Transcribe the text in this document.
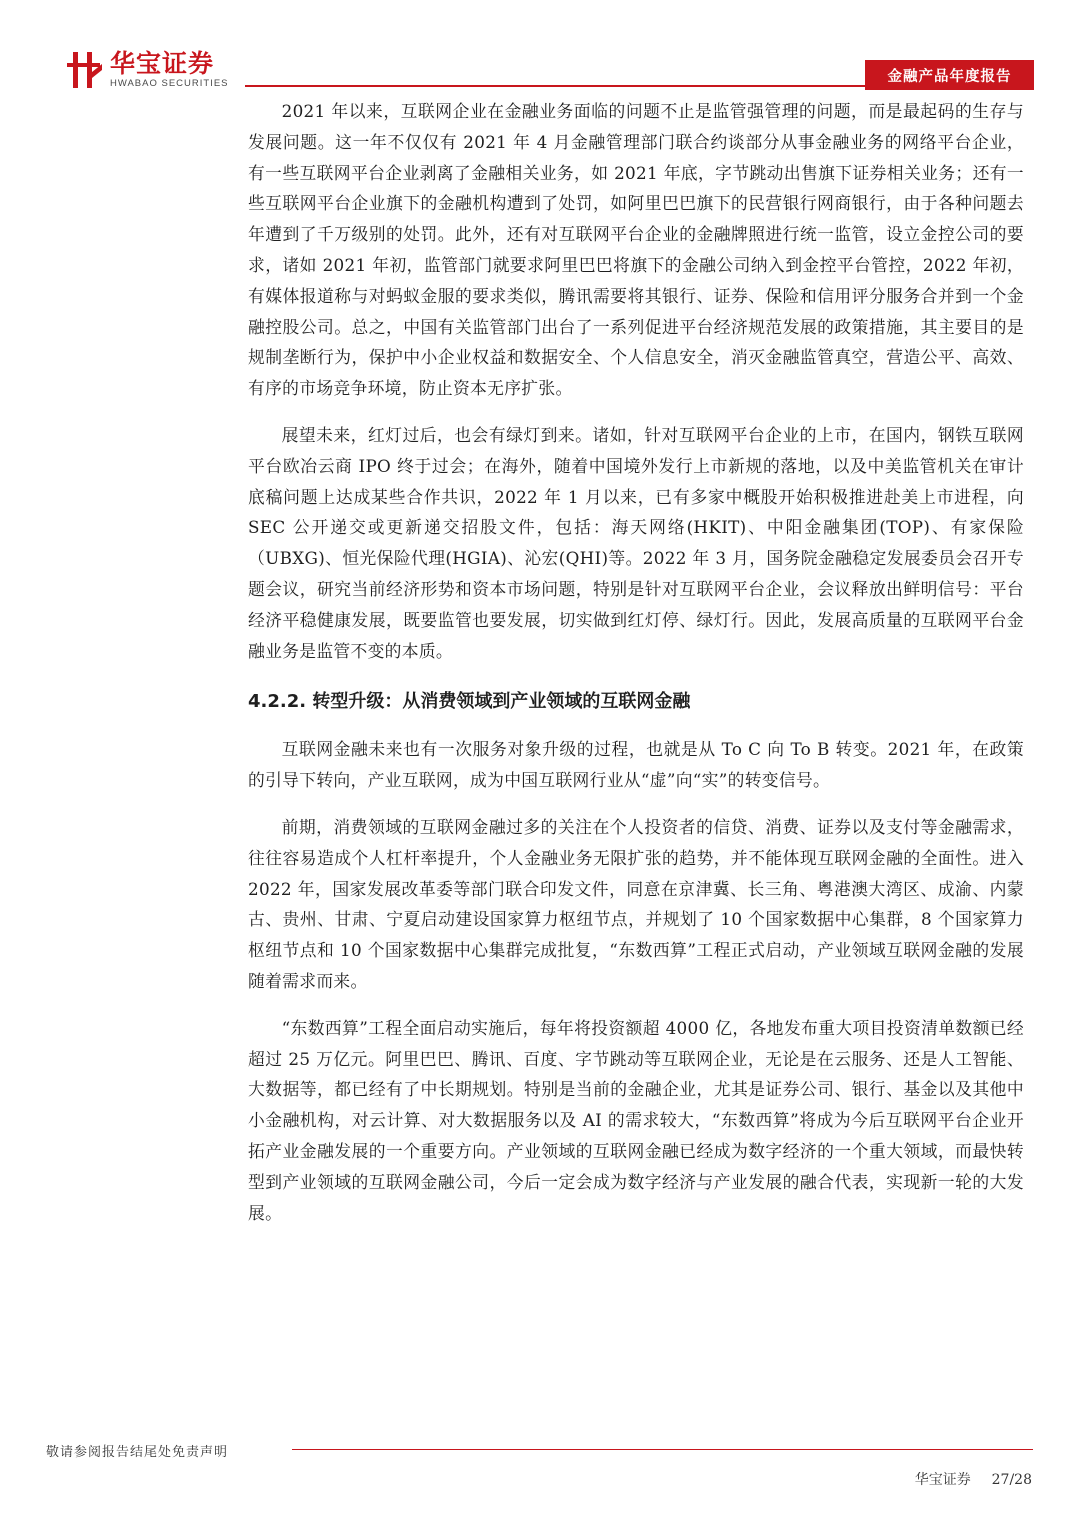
华宝证券
HWABAO SECURITIES	金融产品年度报告

2021 年以来，互联网企业在金融业务面临的问题不止是监管强管理的问题，而是最起码的生存与发展问题。这一年不仅仅有 2021 年 4 月金融管理部门联合约谈部分从事金融业务的网络平台企业，有一些互联网平台企业剥离了金融相关业务，如 2021 年底，字节跳动出售旗下证券相关业务；还有一些互联网平台企业旗下的金融机构遭到了处罚，如阿里巴巴旗下的民营银行网商银行，由于各种问题去年遭到了千万级别的处罚。此外，还有对互联网平台企业的金融牌照进行统一监管，设立金控公司的要求，诸如 2021 年初，监管部门就要求阿里巴巴将旗下的金融公司纳入到金控平台管控，2022 年初，有媒体报道称与对蚂蚁金服的要求类似，腾讯需要将其银行、证券、保险和信用评分服务合并到一个金融控股公司。总之，中国有关监管部门出台了一系列促进平台经济规范发展的政策措施，其主要目的是规制垄断行为，保护中小企业权益和数据安全、个人信息安全，消灭金融监管真空，营造公平、高效、有序的市场竞争环境，防止资本无序扩张。

展望未来，红灯过后，也会有绿灯到来。诸如，针对互联网平台企业的上市，在国内，钢铁互联网平台欧冶云商 IPO 终于过会；在海外，随着中国境外发行上市新规的落地，以及中美监管机关在审计底稿问题上达成某些合作共识，2022 年 1 月以来，已有多家中概股开始积极推进赴美上市进程，向 SEC 公开递交或更新递交招股文件，包括：海天网络(HKIT)、中阳金融集团(TOP)、有家保险（UBXG)、恒光保险代理(HGIA)、沁宏(QHI)等。2022 年 3 月，国务院金融稳定发展委员会召开专题会议，研究当前经济形势和资本市场问题，特别是针对互联网平台企业，会议释放出鲜明信号：平台经济平稳健康发展，既要监管也要发展，切实做到红灯停、绿灯行。因此，发展高质量的互联网平台金融业务是监管不变的本质。

4.2.2. 转型升级：从消费领域到产业领域的互联网金融

互联网金融未来也有一次服务对象升级的过程，也就是从 To C 向 To B 转变。2021 年，在政策的引导下转向，产业互联网，成为中国互联网行业从“虚”向“实”的转变信号。

前期，消费领域的互联网金融过多的关注在个人投资者的信贷、消费、证券以及支付等金融需求，往往容易造成个人杠杆率提升，个人金融业务无限扩张的趋势，并不能体现互联网金融的全面性。进入 2022 年，国家发展改革委等部门联合印发文件，同意在京津冀、长三角、粤港澳大湾区、成渝、内蒙古、贵州、甘肃、宁夏启动建设国家算力枢纽节点，并规划了 10 个国家数据中心集群，8 个国家算力枢纽节点和 10 个国家数据中心集群完成批复，“东数西算”工程正式启动，产业领域互联网金融的发展随着需求而来。

“东数西算”工程全面启动实施后，每年将投资额超 4000 亿，各地发布重大项目投资清单数额已经超过 25 万亿元。阿里巴巴、腾讯、百度、字节跳动等互联网企业，无论是在云服务、还是人工智能、大数据等，都已经有了中长期规划。特别是当前的金融企业，尤其是证券公司、银行、基金以及其他中小金融机构，对云计算、对大数据服务以及 AI 的需求较大，“东数西算”将成为今后互联网平台企业开拓产业金融发展的一个重要方向。产业领域的互联网金融已经成为数字经济的一个重大领域，而最快转型到产业领域的互联网金融公司，今后一定会成为数字经济与产业发展的融合代表，实现新一轮的大发展。

敬请参阅报告结尾处免责声明
华宝证券 27/28
